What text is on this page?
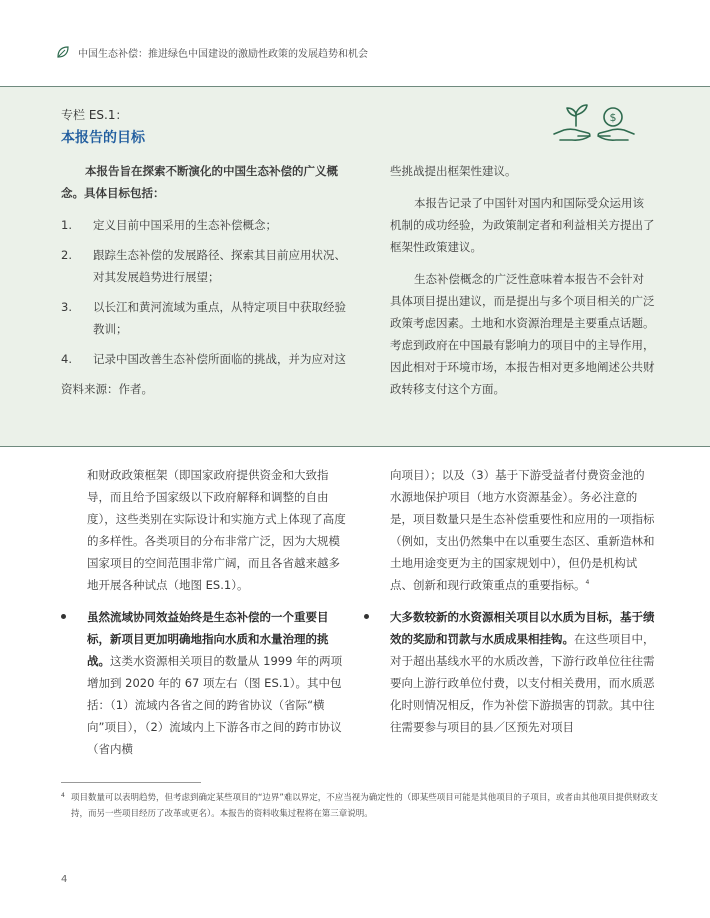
中国生态补偿：推进绿色中国建设的激励性政策的发展趋势和机会
专栏 ES.1：
本报告的目标
$

本报告旨在探索不断演化的中国生态补偿的广义概念。具体目标包括：

1.	定义目前中国采用的生态补偿概念；
2.	跟踪生态补偿的发展路径、探索其目前应用状况、对其发展趋势进行展望；
3.	以长江和黄河流域为重点，从特定项目中获取经验教训；
4.	记录中国改善生态补偿所面临的挑战，并为应对这

资料来源：作者。

些挑战提出框架性建议。

本报告记录了中国针对国内和国际受众运用该机制的成功经验，为政策制定者和利益相关方提出了框架性政策建议。

生态补偿概念的广泛性意味着本报告不会针对具体项目提出建议，而是提出与多个项目相关的广泛政策考虑因素。土地和水资源治理是主要重点话题。考虑到政府在中国最有影响力的项目中的主导作用，因此相对于环境市场，本报告相对更多地阐述公共财政转移支付这个方面。

和财政政策框架（即国家政府提供资金和大致指导，而且给予国家级以下政府解释和调整的自由度），这些类别在实际设计和实施方式上体现了高度的多样性。各类项目的分布非常广泛，因为大规模国家项目的空间范围非常广阔，而且各省越来越多地开展各种试点（地图 ES.1）。

虽然流域协同效益始终是生态补偿的一个重要目标，新项目更加明确地指向水质和水量治理的挑战。这类水资源相关项目的数量从 1999 年的两项增加到 2020 年的 67 项左右（图 ES.1）。其中包括：（1）流域内各省之间的跨省协议（省际“横向”项目），（2）流域内上下游各市之间的跨市协议（省内横

向项目）；以及（3）基于下游受益者付费资金池的水源地保护项目（地方水资源基金）。务必注意的是，项目数量只是生态补偿重要性和应用的一项指标（例如，支出仍然集中在以重要生态区、重新造林和土地用途变更为主的国家规划中），但仍是机构试点、创新和现行政策重点的重要指标。$^4$

大多数较新的水资源相关项目以水质为目标，基于绩效的奖励和罚款与水质成果相挂钩。在这些项目中，对于超出基线水平的水质改善，下游行政单位往往需要向上游行政单位付费，以支付相关费用，而水质恶化时则情况相反，作为补偿下游损害的罚款。其中往往需要参与项目的县／区预先对项目
4 项目数量可以表明趋势，但考虑到确定某些项目的“边界”难以界定，不应当视为确定性的（即某些项目可能是其他项目的子项目，或者由其他项目提供财政支持，而另一些项目经历了改革或更名）。本报告的资料收集过程将在第三章说明。
4
